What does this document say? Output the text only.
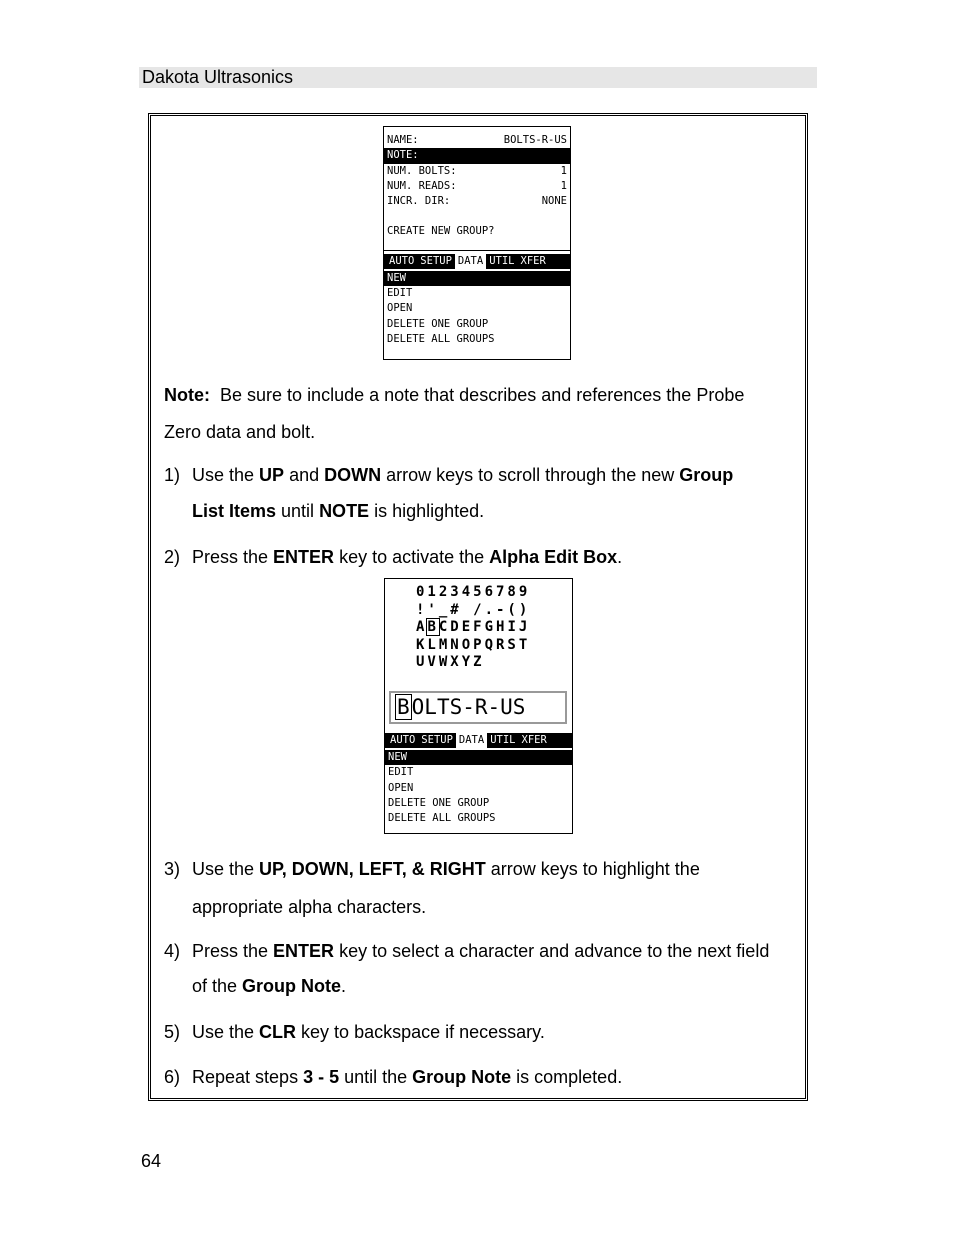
Dakota Ultrasonics
NAME:	BOLTS-R-US
NOTE:
NUM. BOLTS:	1
NUM. READS:	1
INCR. DIR:	NONE
CREATE NEW GROUP?
AUTO SETUP DATA UTIL XFER
NEW
EDIT
OPEN
DELETE ONE GROUP
DELETE ALL GROUPS
Note: Be sure to include a note that describes and references the Probe
Zero data and bolt.
1) Use the UP and DOWN arrow keys to scroll through the new Group
List Items until NOTE is highlighted.
2) Press the ENTER key to activate the Alpha Edit Box.
0123456789
!'_# /.-()
ABCDEFGHIJ
KLMNOPQRST
UVWXYZ
BOLTS-R-US
AUTO SETUP DATA UTIL XFER
NEW
EDIT
OPEN
DELETE ONE GROUP
DELETE ALL GROUPS
3) Use the UP, DOWN, LEFT, & RIGHT arrow keys to highlight the
appropriate alpha characters.
4) Press the ENTER key to select a character and advance to the next field
of the Group Note.
5) Use the CLR key to backspace if necessary.
6) Repeat steps 3 - 5 until the Group Note is completed.
64
